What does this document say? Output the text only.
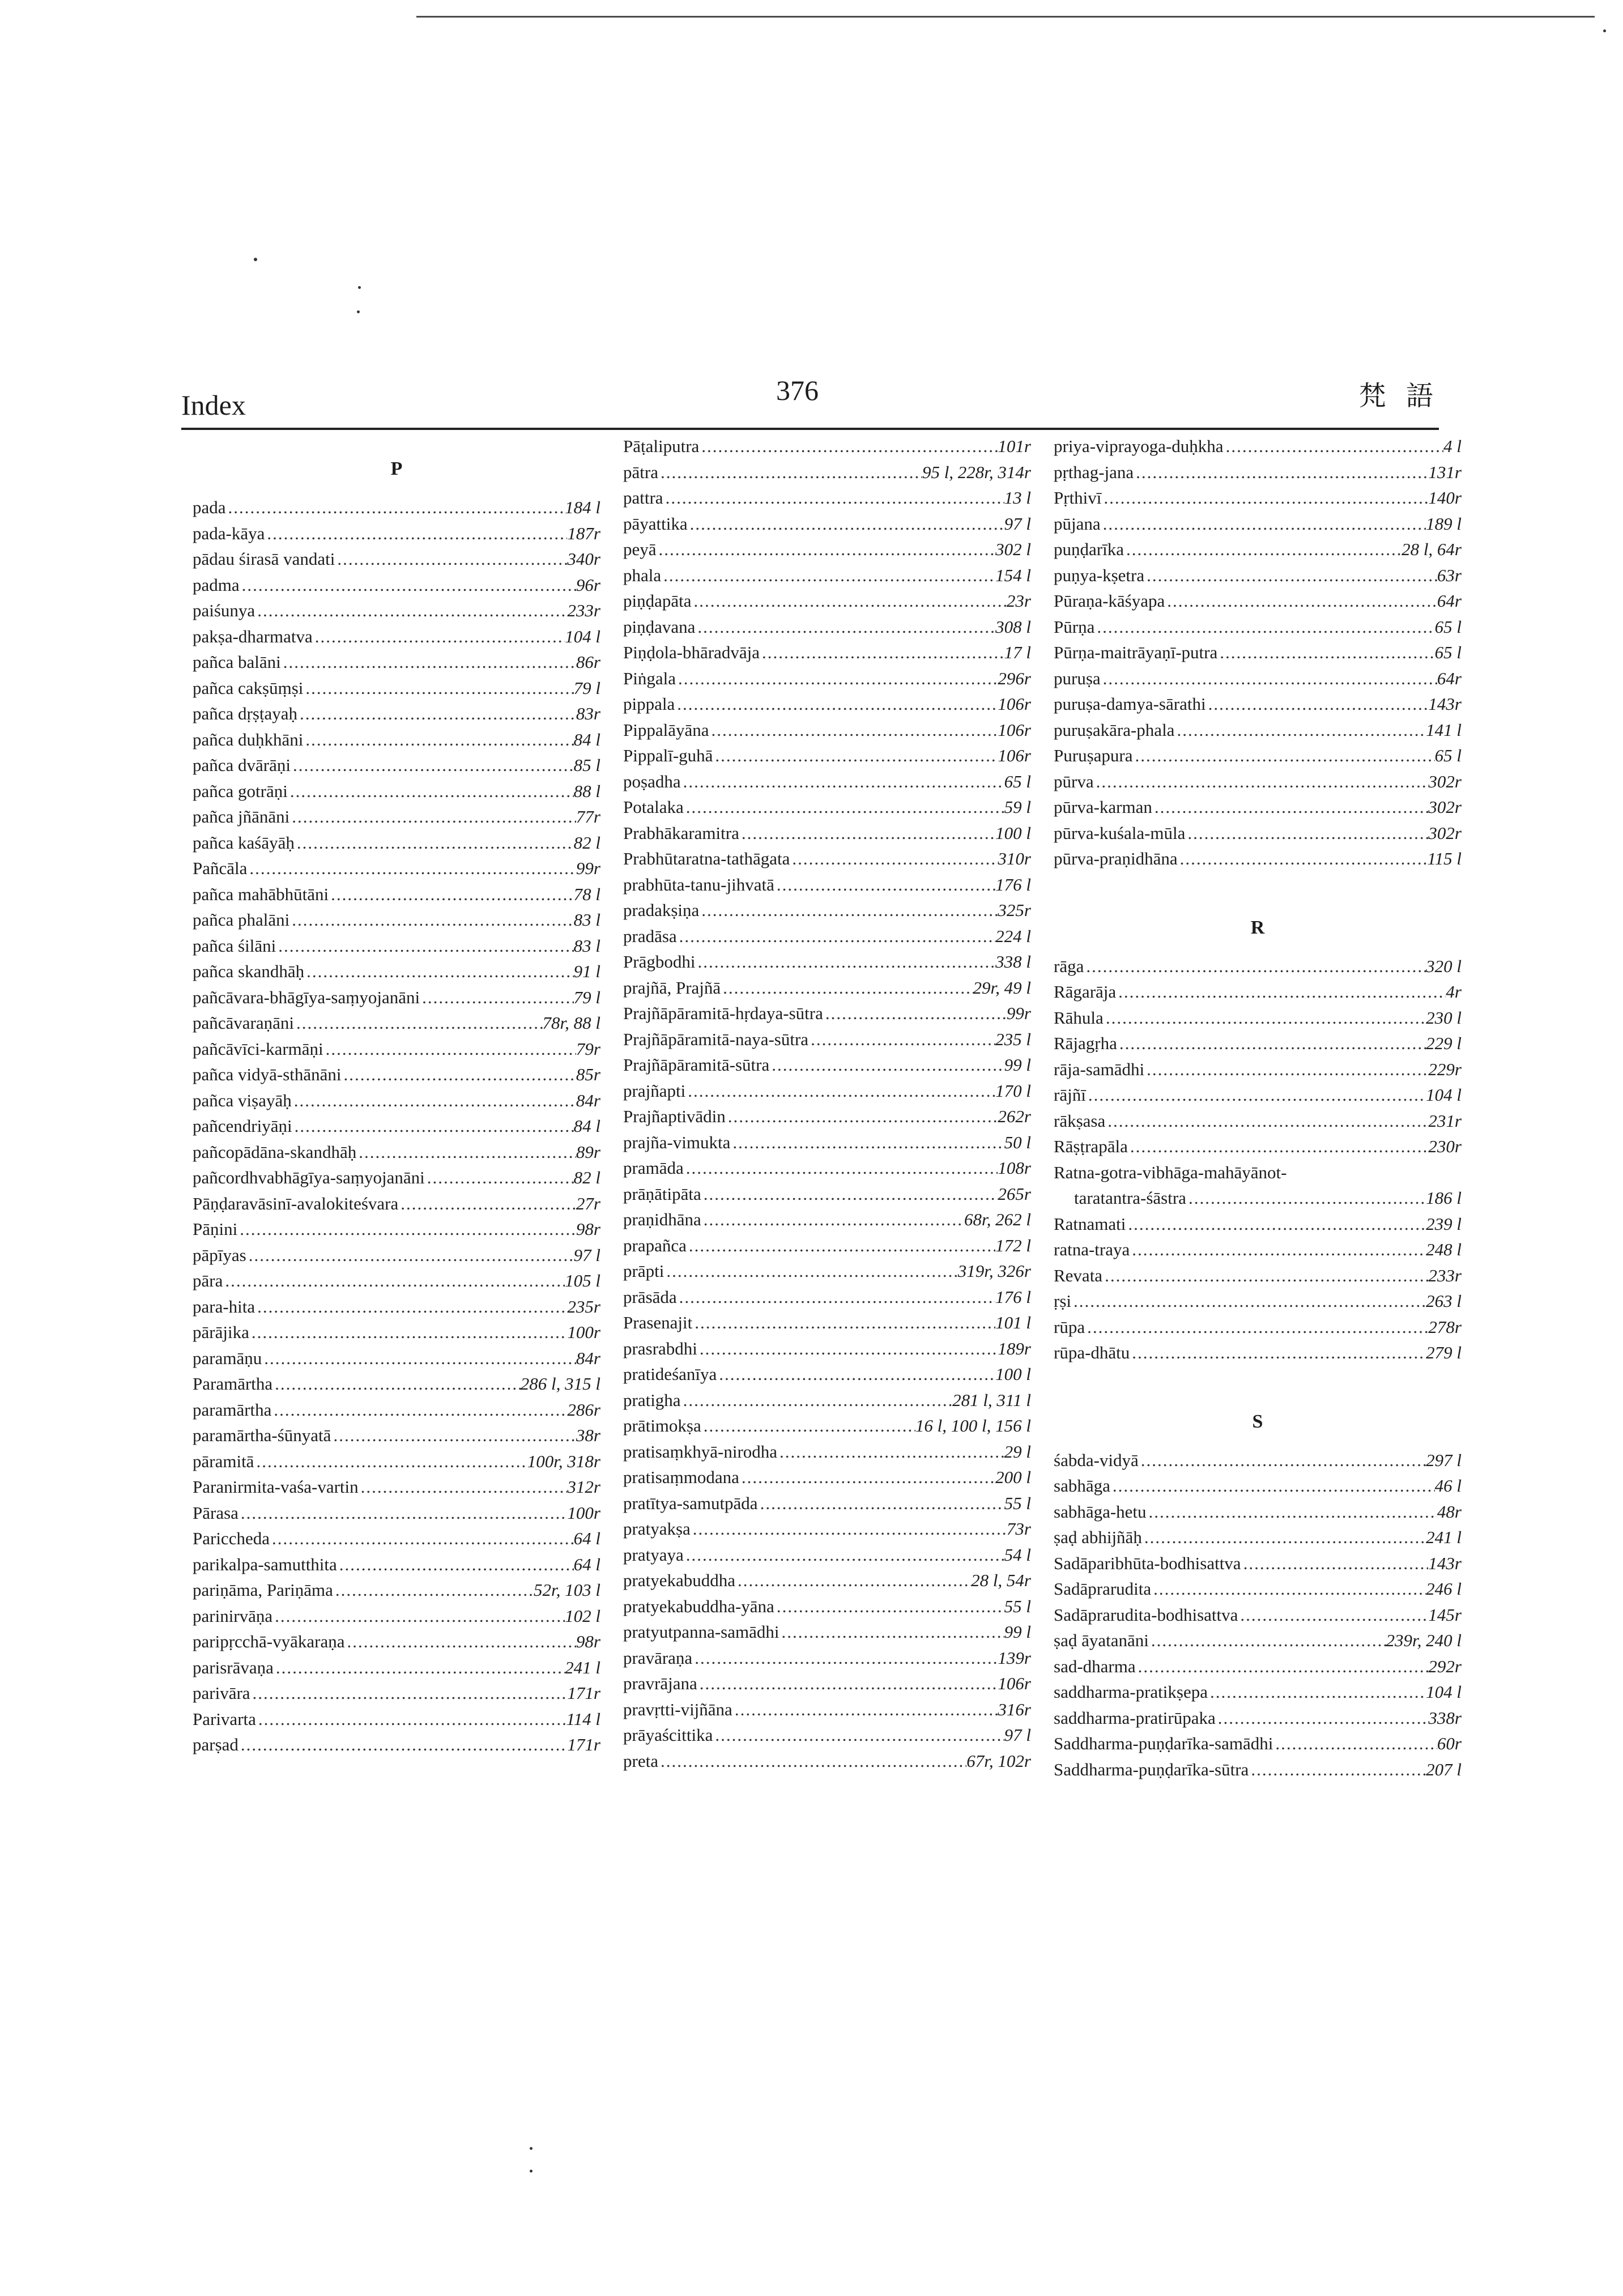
Index	376	梵 語
P
pada .....	184 l
pada-kāya .....	187r
pādau śirasā vandati .....	340r
padma .....	96r
paiśunya .....	233r
pakṣa-dharmatva .....	104 l
pañca balāni .....	86r
pañca cakṣūṃṣi .....	79 l
pañca dṛṣṭayaḥ .....	83r
pañca duḥkhāni .....	84 l
pañca dvārāṇi .....	85 l
pañca gotrāṇi .....	88 l
pañca jñānāni .....	77r
pañca kaśāyāḥ .....	82 l
Pañcāla .....	99r
pañca mahābhūtāni .....	78 l
pañca phalāni .....	83 l
pañca śilāni .....	83 l
pañca skandhāḥ .....	91 l
pañcāvara-bhāgīya-saṃyojanāni .....	79 l
pañcāvaraṇāni .....	78r, 88 l
pañcāvīci-karmāṇi .....	79r
pañca vidyā-sthānāni .....	85r
pañca viṣayāḥ .....	84r
pañcendriyāṇi .....	84 l
pañcopādāna-skandhāḥ .....	89r
pañcordhvabhāgīya-saṃyojanāni .....	82 l
Pāṇḍaravāsinī-avalokiteśvara .....	27r
Pāṇini .....	98r
pāpīyas .....	97 l
pāra .....	105 l
para-hita .....	235r
pārājika .....	100r
paramāṇu .....	84r
Paramārtha .....	286 l, 315 l
paramārtha .....	286r
paramārtha-śūnyatā .....	38r
pāramitā .....	100r, 318r
Paranirmita-vaśa-vartin .....	312r
Pārasa .....	100r
Pariccheda .....	64 l
parikalpa-samutthita .....	64 l
pariṇāma, Pariṇāma .....	52r, 103 l
parinirvāṇa .....	102 l
paripṛcchā-vyākaraṇa .....	98r
parisrāvaṇa .....	241 l
parivāra .....	171r
Parivarta .....	114 l
parṣad .....	171r
Pāṭaliputra .....	101r
pātra .....	95 l, 228r, 314r
pattra .....	13 l
pāyattika .....	97 l
peyā .....	302 l
phala .....	154 l
piṇḍapāta .....	23r
piṇḍavana .....	308 l
Piṇḍola-bhāradvāja .....	17 l
Piṅgala .....	296r
pippala .....	106r
Pippalāyāna .....	106r
Pippalī-guhā .....	106r
poṣadha .....	65 l
Potalaka .....	59 l
Prabhākaramitra .....	100 l
Prabhūtaratna-tathāgata .....	310r
prabhūta-tanu-jihvatā .....	176 l
pradakṣiṇa .....	325r
pradāsa .....	224 l
Prāgbodhi .....	338 l
prajñā, Prajñā .....	29r, 49 l
Prajñāpāramitā-hṛdaya-sūtra .....	99r
Prajñāpāramitā-naya-sūtra .....	235 l
Prajñāpāramitā-sūtra .....	99 l
prajñapti .....	170 l
Prajñaptivādin .....	262r
prajña-vimukta .....	50 l
pramāda .....	108r
prāṇātipāta .....	265r
praṇidhāna .....	68r, 262 l
prapañca .....	172 l
prāpti .....	319r, 326r
prāsāda .....	176 l
Prasenajit .....	101 l
prasrabdhi .....	189r
pratideśanīya .....	100 l
pratigha .....	281 l, 311 l
prātimokṣa .....	16 l, 100 l, 156 l
pratisaṃkhyā-nirodha .....	29 l
pratisaṃmodana .....	200 l
pratītya-samutpāda .....	55 l
pratyakṣa .....	73r
pratyaya .....	54 l
pratyekabuddha .....	28 l, 54r
pratyekabuddha-yāna .....	55 l
pratyutpanna-samādhi .....	99 l
pravāraṇa .....	139r
pravrājana .....	106r
pravṛtti-vijñāna .....	316r
prāyaścittika .....	97 l
preta .....	67r, 102r
priya-viprayoga-duḥkha .....	4 l
pṛthag-jana .....	131r
Pṛthivī .....	140r
pūjana .....	189 l
puṇḍarīka .....	28 l, 64r
puṇya-kṣetra .....	63r
Pūraṇa-kāśyapa .....	64r
Pūrṇa .....	65 l
Pūrṇa-maitrāyaṇī-putra .....	65 l
puruṣa .....	64r
puruṣa-damya-sārathi .....	143r
puruṣakāra-phala .....	141 l
Puruṣapura .....	65 l
pūrva .....	302r
pūrva-karman .....	302r
pūrva-kuśala-mūla .....	302r
pūrva-praṇidhāna .....	115 l
R
rāga .....	320 l
Rāgarāja .....	4r
Rāhula .....	230 l
Rājagṛha .....	229 l
rāja-samādhi .....	229r
rājñī .....	104 l
rākṣasa .....	231r
Rāṣṭrapāla .....	230r
Ratna-gotra-vibhāga-mahāyānot-
taratantra-śāstra .....	186 l
Ratnamati .....	239 l
ratna-traya .....	248 l
Revata .....	233r
ṛṣi .....	263 l
rūpa .....	278r
rūpa-dhātu .....	279 l
S
śabda-vidyā .....	297 l
sabhāga .....	46 l
sabhāga-hetu .....	48r
ṣaḍ abhijñāḥ .....	241 l
Sadāparibhūta-bodhisattva .....	143r
Sadāprarudita .....	246 l
Sadāprarudita-bodhisattva .....	145r
ṣaḍ āyatanāni .....	239r, 240 l
sad-dharma .....	292r
saddharma-pratikṣepa .....	104 l
saddharma-pratirūpaka .....	338r
Saddharma-puṇḍarīka-samādhi .....	60r
Saddharma-puṇḍarīka-sūtra .....	207 l
